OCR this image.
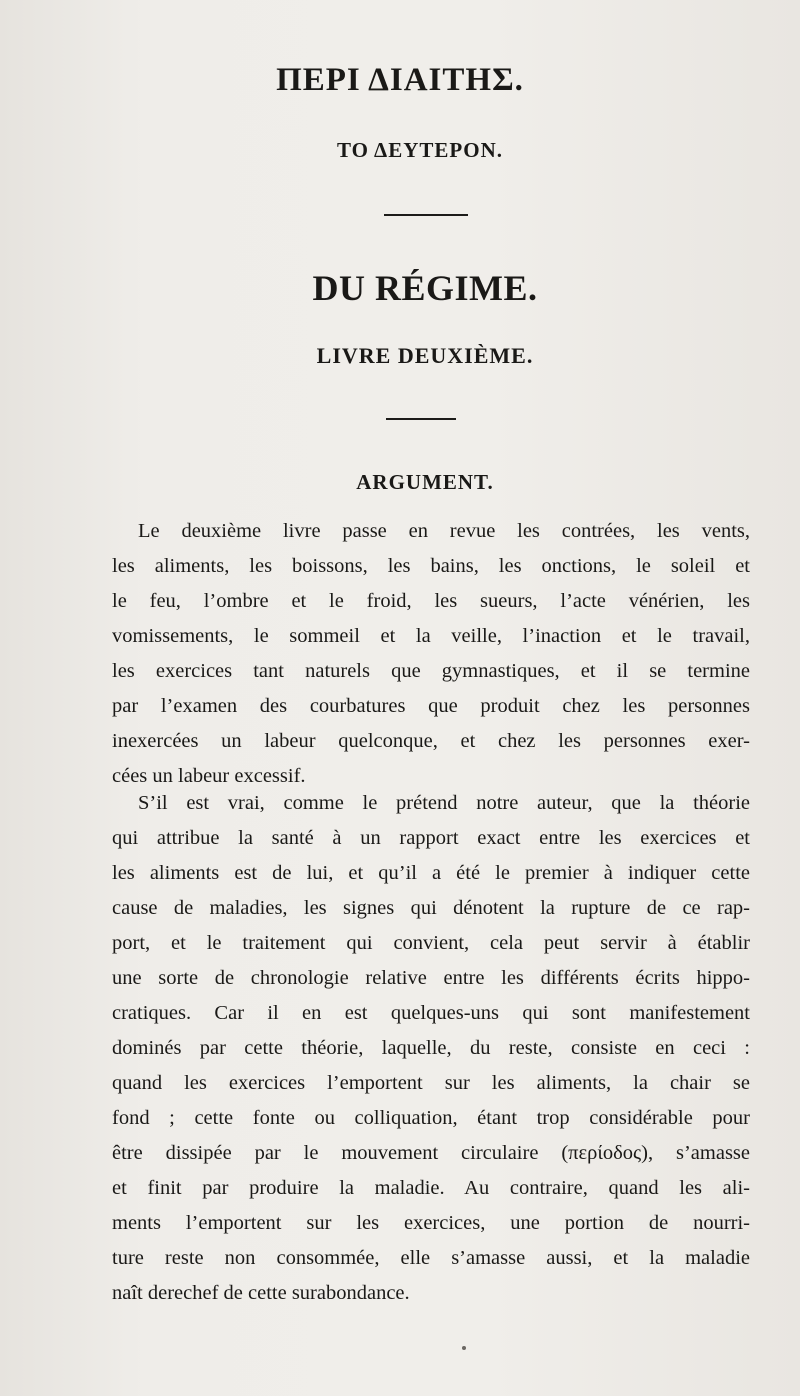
ΠΕΡΙ ΔΙΑΙΤΗΣ.
ΤΟ ΔΕΥΤΕΡΟΝ.
DU RÉGIME.
LIVRE DEUXIÈME.
ARGUMENT.
Le deuxième livre passe en revue les contrées, les vents,
les aliments, les boissons, les bains, les onctions, le soleil et
le feu, l’ombre et le froid, les sueurs, l’acte vénérien, les
vomissements, le sommeil et la veille, l’inaction et le travail,
les exercices tant naturels que gymnastiques, et il se termine
par l’examen des courbatures que produit chez les personnes
inexercées un labeur quelconque, et chez les personnes exer-
cées un labeur excessif.
S’il est vrai, comme le prétend notre auteur, que la théorie
qui attribue la santé à un rapport exact entre les exercices et
les aliments est de lui, et qu’il a été le premier à indiquer cette
cause de maladies, les signes qui dénotent la rupture de ce rap-
port, et le traitement qui convient, cela peut servir à établir
une sorte de chronologie relative entre les différents écrits hippo-
cratiques. Car il en est quelques-uns qui sont manifestement
dominés par cette théorie, laquelle, du reste, consiste en ceci :
quand les exercices l’emportent sur les aliments, la chair se
fond ; cette fonte ou colliquation, étant trop considérable pour
être dissipée par le mouvement circulaire (περίοδος), s’amasse
et finit par produire la maladie. Au contraire, quand les ali-
ments l’emportent sur les exercices, une portion de nourri-
ture reste non consommée, elle s’amasse aussi, et la maladie
naît derechef de cette surabondance.
